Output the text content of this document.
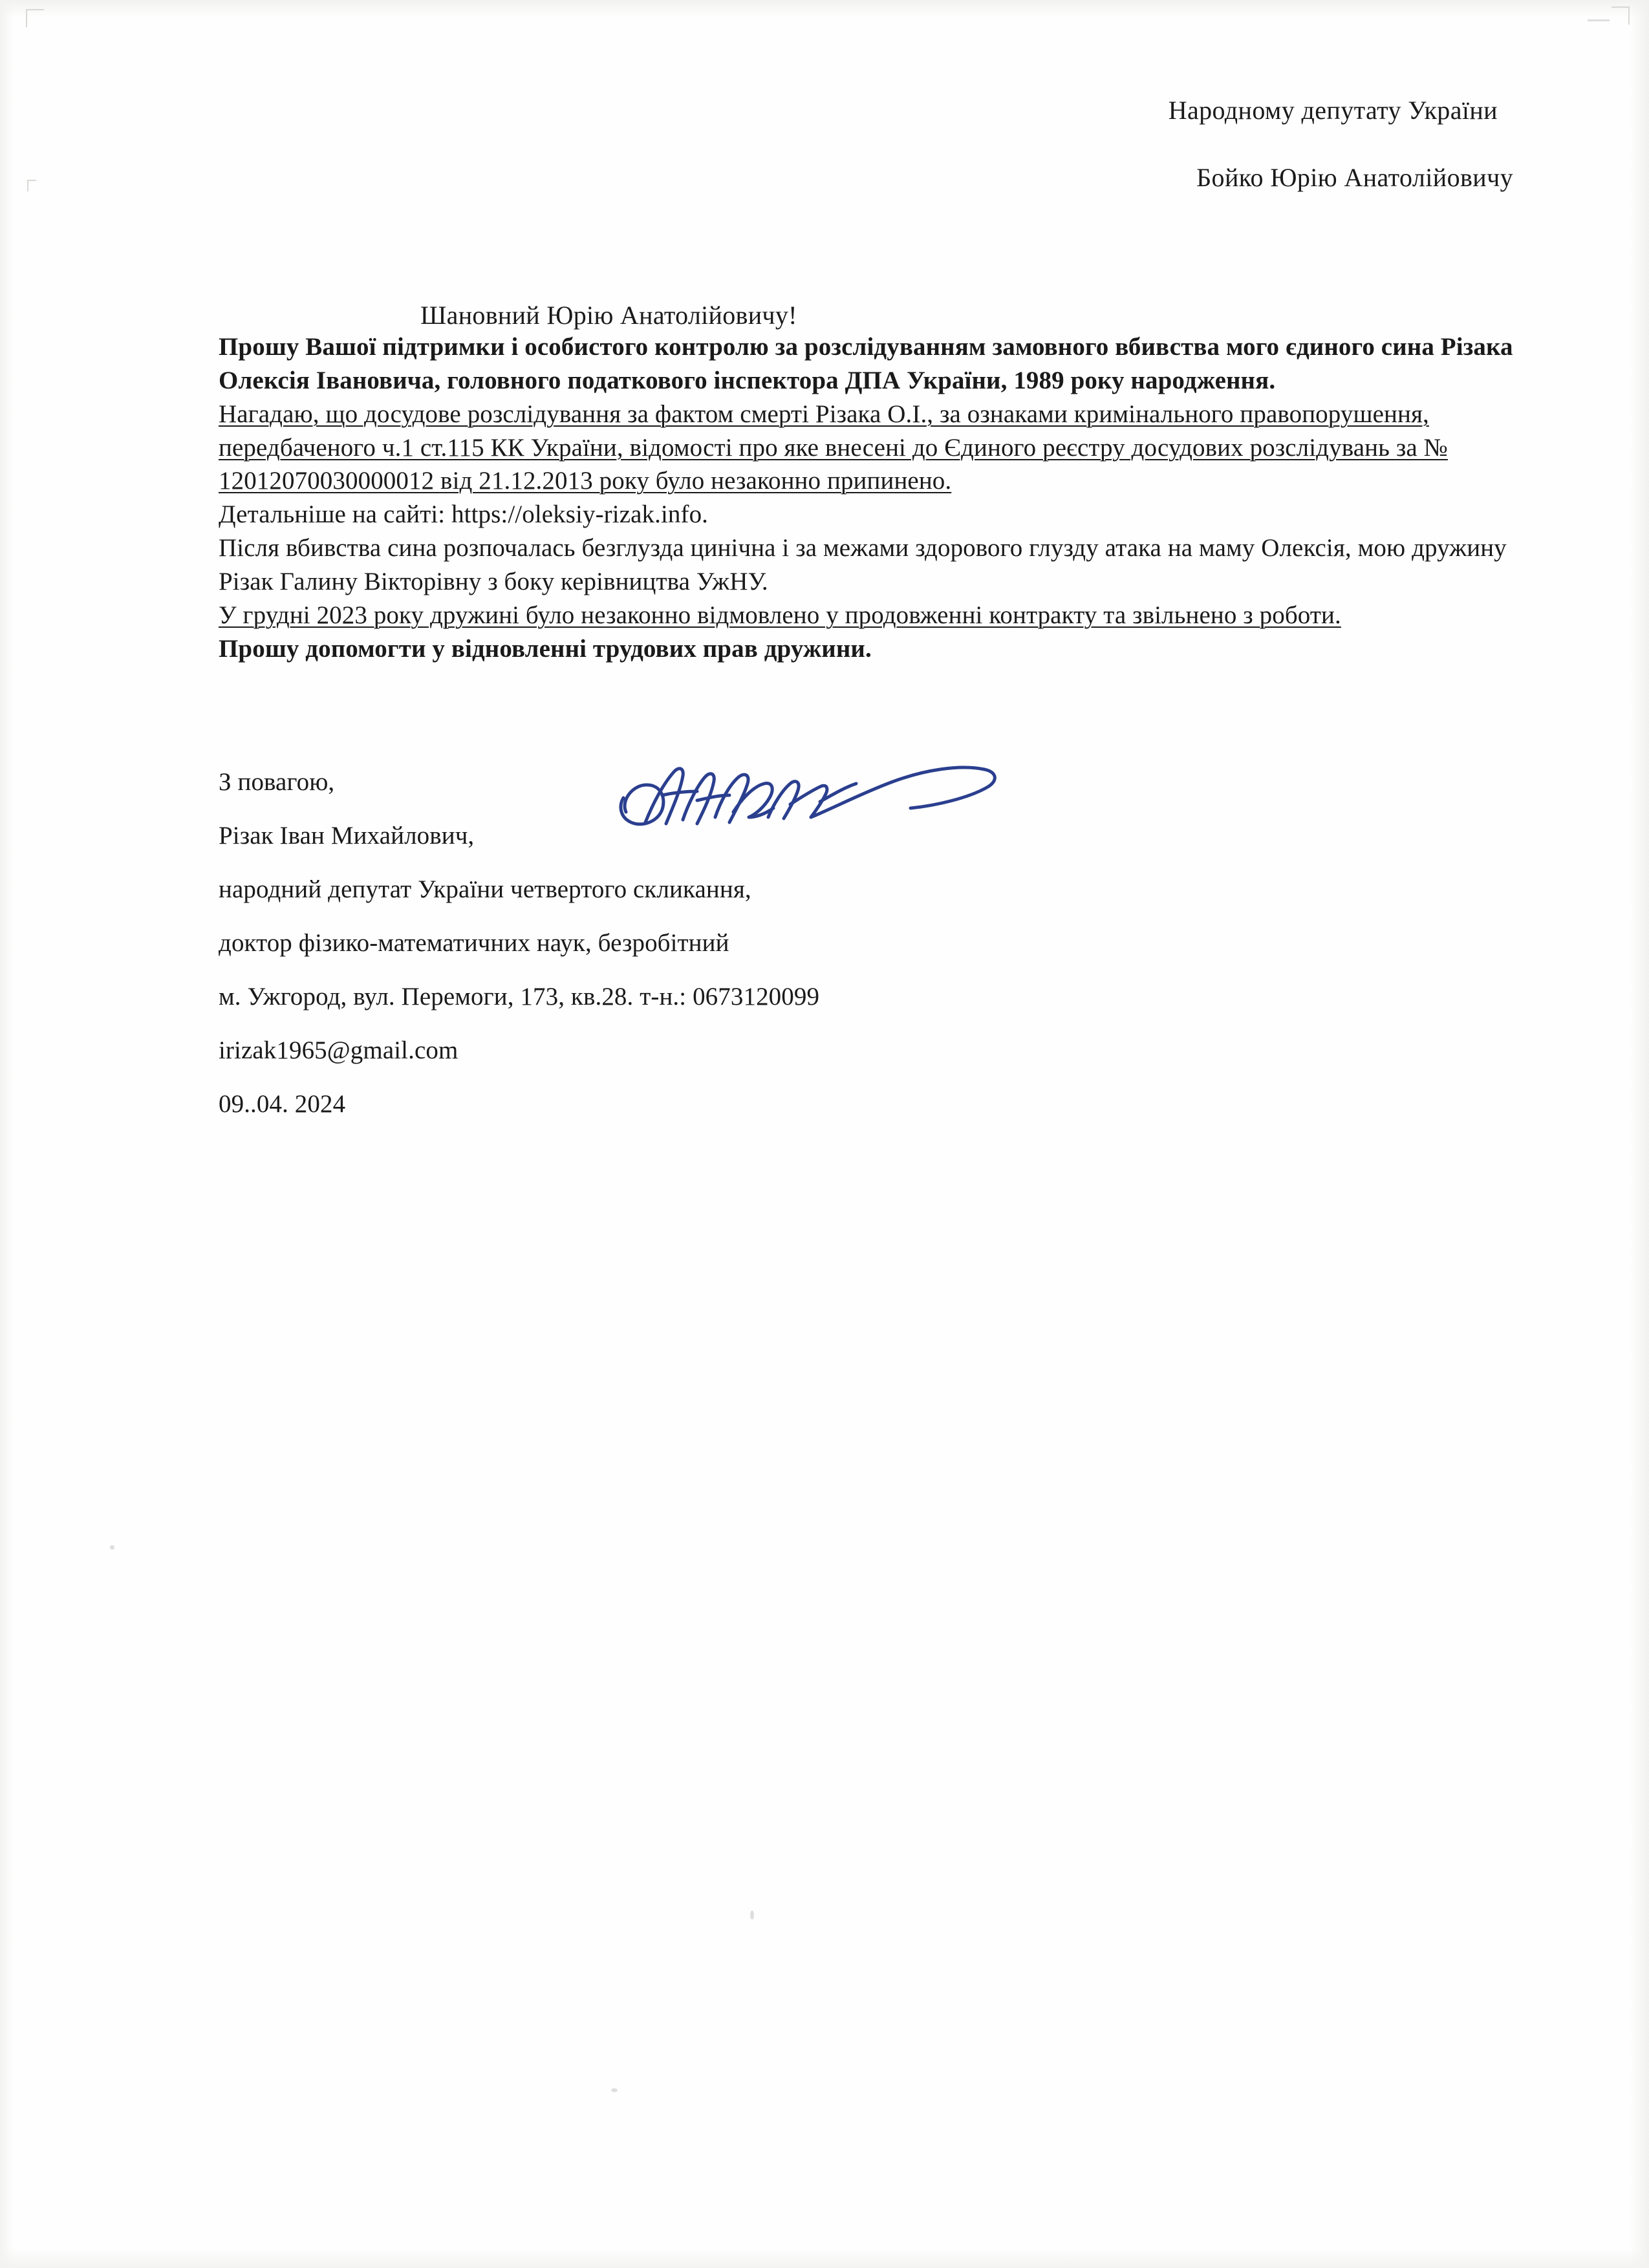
Народному депутату України
Бойко Юрію Анатолійовичу
Шановний Юрію Анатолійовичу!

Прошу Вашої підтримки і особистого контролю за розслідуванням замовного вбивства мого єдиного сина Різака Олексія Івановича, головного податкового інспектора ДПА України, 1989 року народження.

Нагадаю, що досудове розслідування за фактом смерті Різака О.І., за ознаками кримінального правопорушення, передбаченого ч.1 ст.115 КК України, відомості про яке внесені до Єдиного реєстру досудових розслідувань за № 12012070030000012 від 21.12.2013 року було незаконно припинено.

Детальніше на сайті: https://oleksiy-rizak.info.

Після вбивства сина розпочалась безглузда цинічна і за межами здорового глузду атака на маму Олексія, мою дружину Різак Галину Вікторівну з боку керівництва УжНУ.

У грудні 2023 року дружині було незаконно відмовлено у продовженні контракту та звільнено з роботи.

Прошу допомогти у відновленні трудових прав дружини.

З повагою,

Різак Іван Михайлович,

народний депутат України четвертого скликання,

доктор фізико-математичних наук, безробітний

м. Ужгород, вул. Перемоги, 173, кв.28. т-н.: 0673120099

irizak1965@gmail.com

09..04. 2024
